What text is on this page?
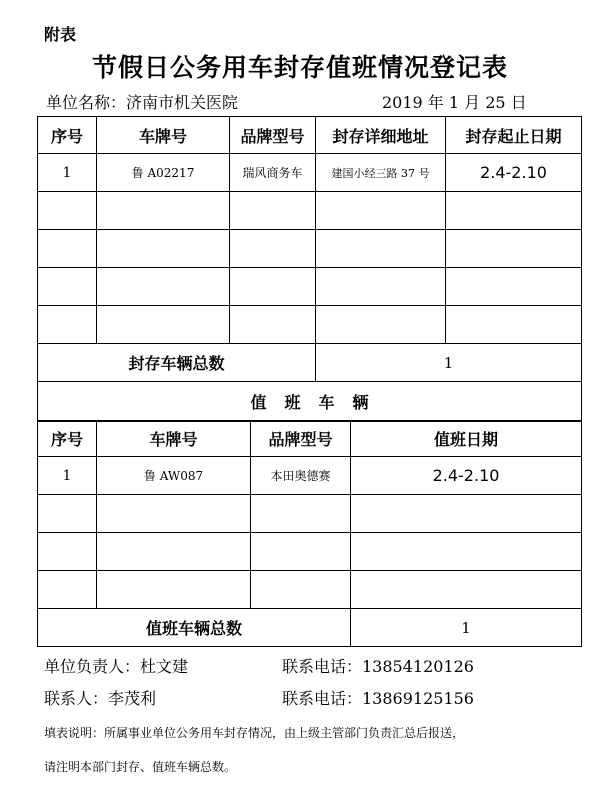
附表
节假日公务用车封存值班情况登记表
单位名称：济南市机关医院	2019 年 1 月 25 日
序号	车牌号	品牌型号	封存详细地址	封存起止日期
1	鲁 A02217	瑞风商务车	建国小经三路 37 号	2.4-2.10

封存车辆总数			1	
值班车辆				
序号	车牌号	品牌型号	值班日期
1	鲁 AW087	本田奥德赛	2.4-2.10

值班车辆总数			1
单位负责人：杜文建	联系电话：13854120126
联系人：李茂利	联系电话：13869125156
填表说明：所属事业单位公务用车封存情况，由上级主管部门负责汇总后报送，
请注明本部门封存、值班车辆总数。
